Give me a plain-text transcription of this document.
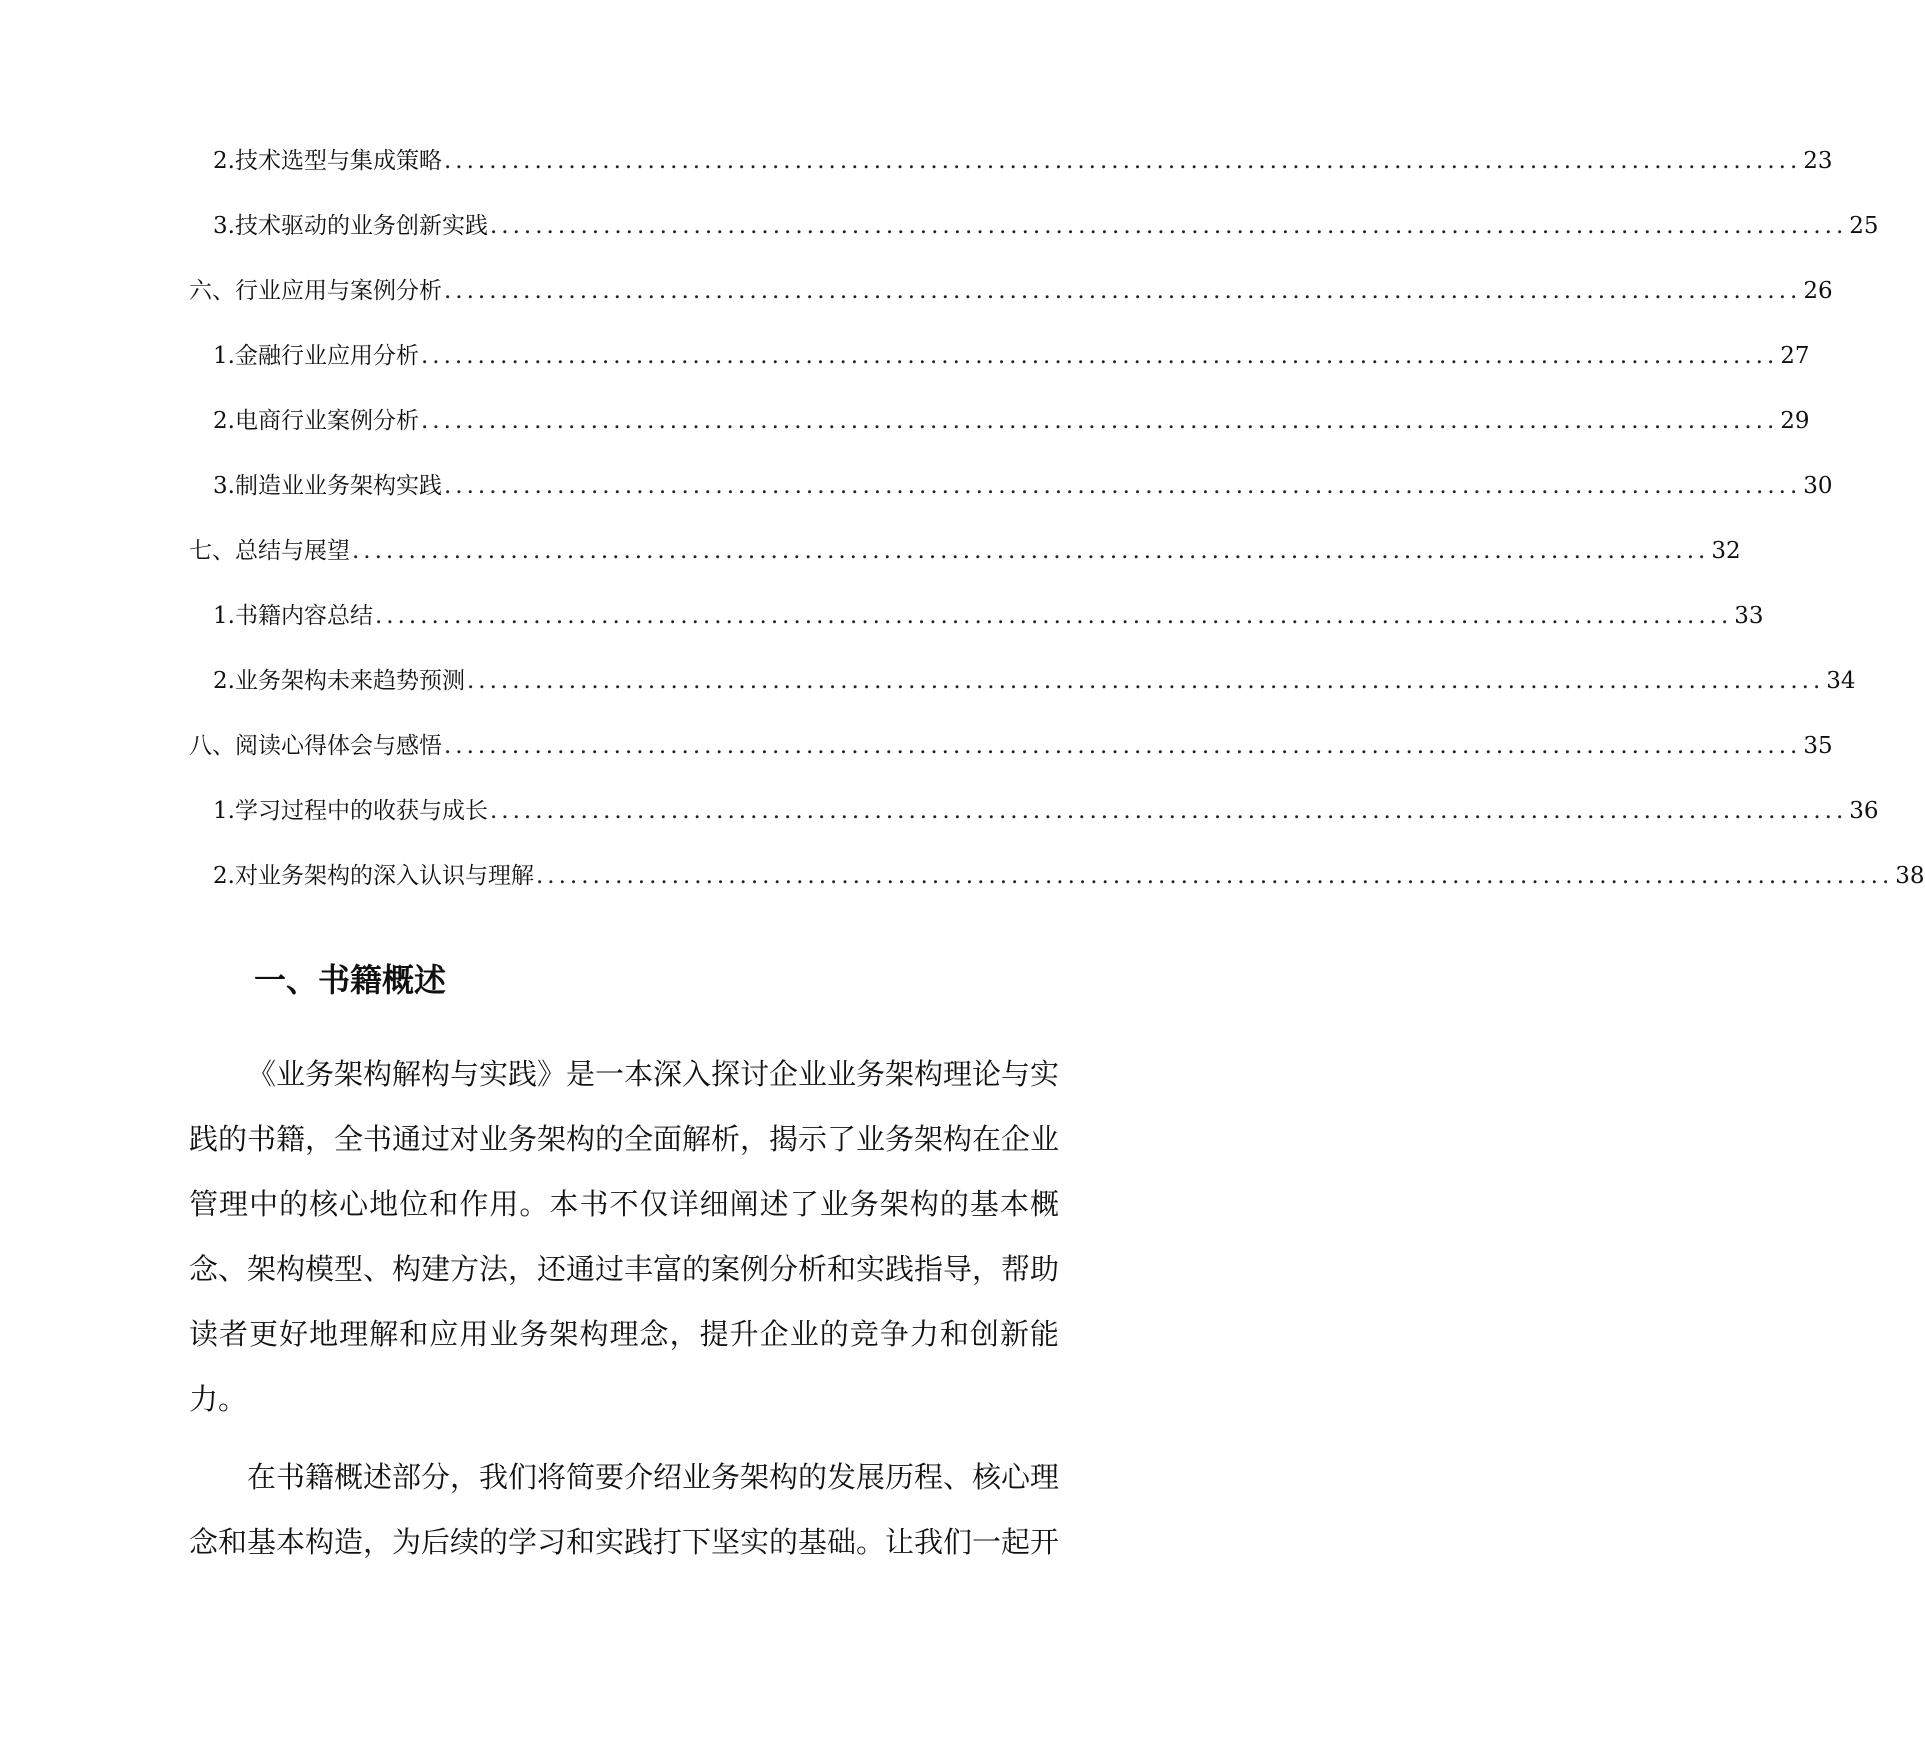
2. 技术选型与集成策略 ........................................................................................................................ 23
3. 技术驱动的业务创新实践 ........................................................................................................................ 25
六、行业应用与案例分析 ........................................................................................................................ 26
1. 金融行业应用分析 ........................................................................................................................ 27
2. 电商行业案例分析 ........................................................................................................................ 29
3. 制造业业务架构实践 ........................................................................................................................ 30
七、总结与展望 ........................................................................................................................ 32
1. 书籍内容总结 ........................................................................................................................ 33
2. 业务架构未来趋势预测 ........................................................................................................................ 34
八、阅读心得体会与感悟 ........................................................................................................................ 35
1. 学习过程中的收获与成长 ........................................................................................................................ 36
2. 对业务架构的深入认识与理解 ........................................................................................................................ 38
一、书籍概述

《业务架构解构与实践》是一本深入探讨企业业务架构理论与实践的书籍，全书通过对业务架构的全面解析，揭示了业务架构在企业管理中的核心地位和作用。本书不仅详细阐述了业务架构的基本概念、架构模型、构建方法，还通过丰富的案例分析和实践指导，帮助读者更好地理解和应用业务架构理念，提升企业的竞争力和创新能力。

在书籍概述部分，我们将简要介绍业务架构的发展历程、核心理念和基本构造，为后续的学习和实践打下坚实的基础。让我们一起开
